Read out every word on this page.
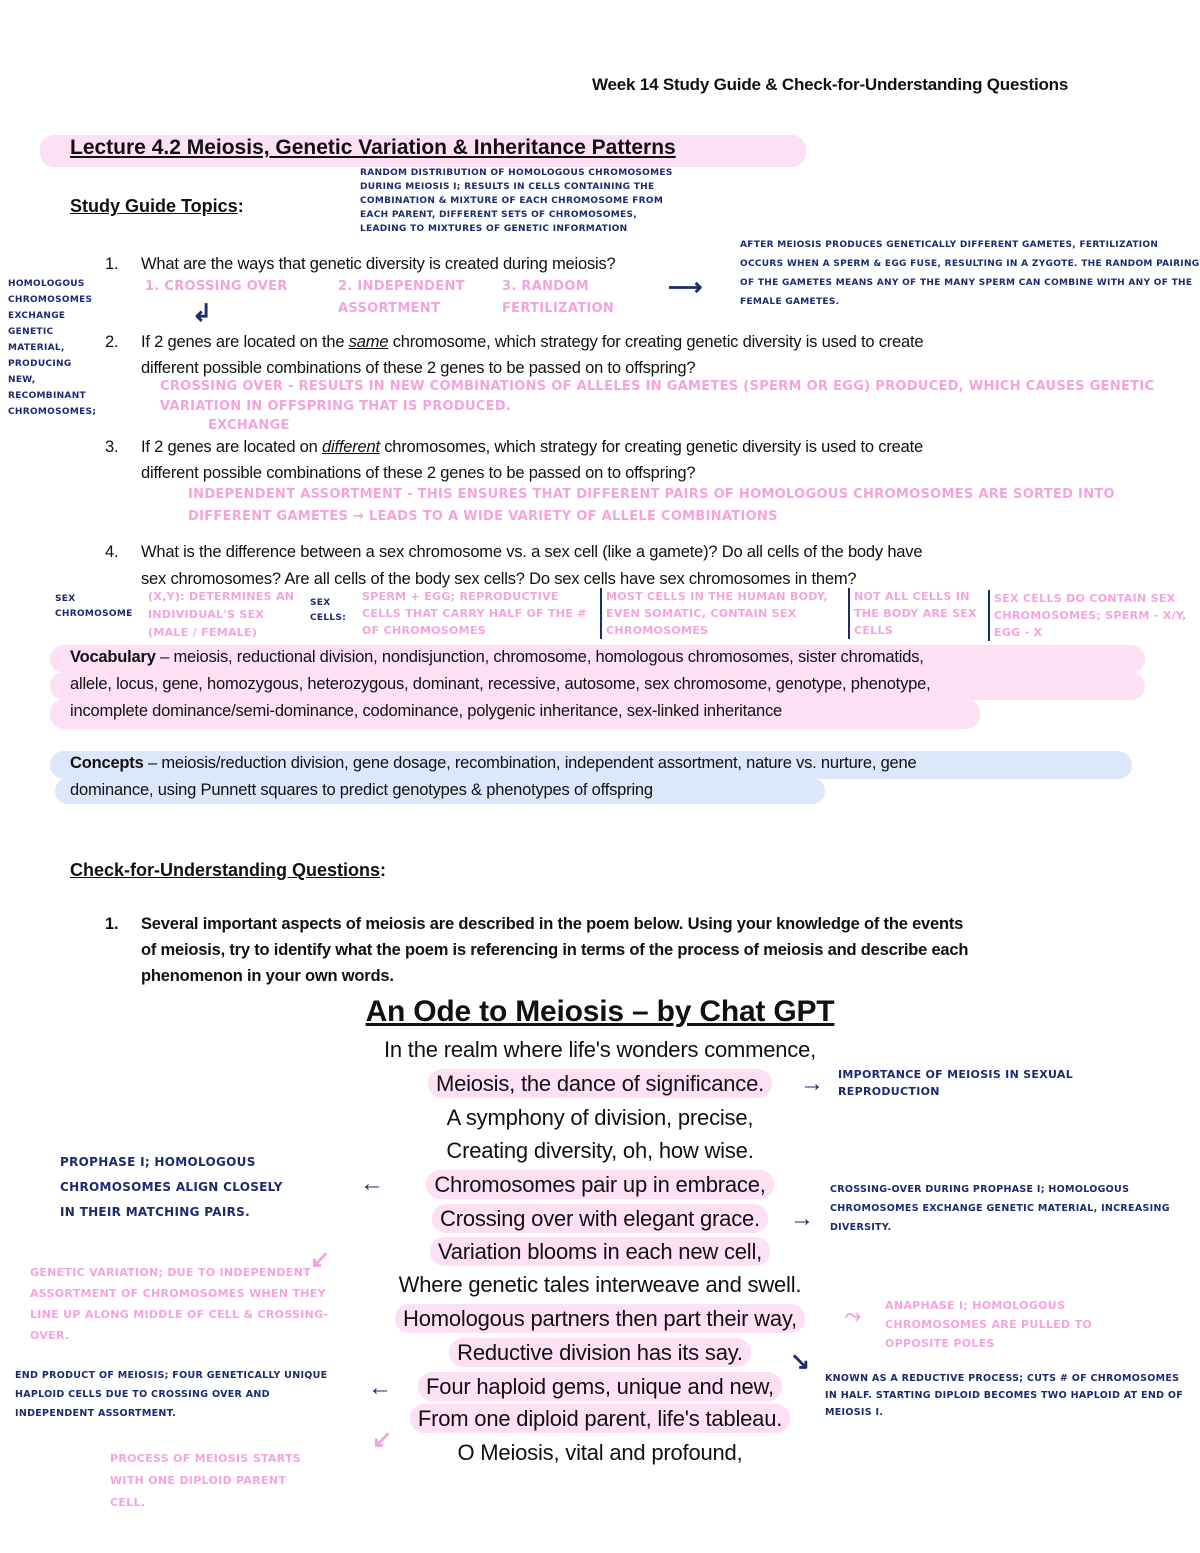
Week 14 Study Guide & Check-for-Understanding Questions
Lecture 4.2 Meiosis, Genetic Variation & Inheritance Patterns
Study Guide Topics:
1. What are the ways that genetic diversity is created during meiosis?
2. If 2 genes are located on the same chromosome, which strategy for creating genetic diversity is used to create
different possible combinations of these 2 genes to be passed on to offspring?
3. If 2 genes are located on different chromosomes, which strategy for creating genetic diversity is used to create
different possible combinations of these 2 genes to be passed on to offspring?
4. What is the difference between a sex chromosome vs. a sex cell (like a gamete)? Do all cells of the body have
sex chromosomes? Are all cells of the body sex cells? Do sex cells have sex chromosomes in them?
Vocabulary – meiosis, reductional division, nondisjunction, chromosome, homologous chromosomes, sister chromatids,
allele, locus, gene, homozygous, heterozygous, dominant, recessive, autosome, sex chromosome, genotype, phenotype,
incomplete dominance/semi-dominance, codominance, polygenic inheritance, sex-linked inheritance
Concepts – meiosis/reduction division, gene dosage, recombination, independent assortment, nature vs. nurture, gene
dominance, using Punnett squares to predict genotypes & phenotypes of offspring
Check-for-Understanding Questions:
1. Several important aspects of meiosis are described in the poem below. Using your knowledge of the events
of meiosis, try to identify what the poem is referencing in terms of the process of meiosis and describe each
phenomenon in your own words.
An Ode to Meiosis – by Chat GPT
In the realm where life's wonders commence,
Meiosis, the dance of significance.
A symphony of division, precise,
Creating diversity, oh, how wise.
Chromosomes pair up in embrace,
Crossing over with elegant grace.
Variation blooms in each new cell,
Where genetic tales interweave and swell.
Homologous partners then part their way,
Reductive division has its say.
Four haploid gems, unique and new,
From one diploid parent, life's tableau.
O Meiosis, vital and profound,
RANDOM DISTRIBUTION OF HOMOLOGOUS CHROMOSOMES DURING MEIOSIS I; RESULTS IN CELLS CONTAINING THE COMBINATION & MIXTURE OF EACH CHROMOSOME FROM EACH PARENT, DIFFERENT SETS OF CHROMOSOMES, LEADING TO MIXTURES OF GENETIC INFORMATION
AFTER MEIOSIS PRODUCES GENETICALLY DIFFERENT GAMETES, FERTILIZATION OCCURS WHEN A SPERM & EGG FUSE, RESULTING IN A ZYGOTE. THE RANDOM PAIRING OF THE GAMETES MEANS ANY OF THE MANY SPERM CAN COMBINE WITH ANY OF THE FEMALE GAMETES.
1. CROSSING OVER	2. INDEPENDENT ASSORTMENT
3. RANDOM FERTILIZATION
⟶
↲
HOMOLOGOUS CHROMOSOMES EXCHANGE GENETIC MATERIAL, PRODUCING NEW, RECOMBINANT CHROMOSOMES;
CROSSING OVER - RESULTS IN NEW COMBINATIONS OF ALLELES IN GAMETES (SPERM OR EGG) PRODUCED, WHICH CAUSES GENETIC VARIATION IN OFFSPRING THAT IS PRODUCED.
EXCHANGE
INDEPENDENT ASSORTMENT - THIS ENSURES THAT DIFFERENT PAIRS OF HOMOLOGOUS CHROMOSOMES ARE SORTED INTO DIFFERENT GAMETES → LEADS TO A WIDE VARIETY OF ALLELE COMBINATIONS
SEX CHROMOSOME
(X,Y): DETERMINES AN INDIVIDUAL'S SEX (MALE / FEMALE)
SEX CELLS:
SPERM + EGG; REPRODUCTIVE CELLS THAT CARRY HALF OF THE # OF CHROMOSOMES
MOST CELLS IN THE HUMAN BODY, EVEN SOMATIC, CONTAIN SEX CHROMOSOMES
NOT ALL CELLS IN THE BODY ARE SEX CELLS
SEX CELLS DO CONTAIN SEX CHROMOSOMES; SPERM - X/Y, EGG - X
→ IMPORTANCE OF MEIOSIS IN SEXUAL REPRODUCTION
PROPHASE I; HOMOLOGOUS CHROMOSOMES ALIGN CLOSELY IN THEIR MATCHING PAIRS.
←
→
CROSSING-OVER DURING PROPHASE I; HOMOLOGOUS CHROMOSOMES EXCHANGE GENETIC MATERIAL, INCREASING DIVERSITY.
↙
GENETIC VARIATION; DUE TO INDEPENDENT ASSORTMENT OF CHROMOSOMES WHEN THEY LINE UP ALONG MIDDLE OF CELL & CROSSING-OVER.
⤳ ANAPHASE I; HOMOLOGOUS CHROMOSOMES ARE PULLED TO OPPOSITE POLES
↘
KNOWN AS A REDUCTIVE PROCESS; CUTS # OF CHROMOSOMES IN HALF. STARTING DIPLOID BECOMES TWO HAPLOID AT END OF MEIOSIS I.
END PRODUCT OF MEIOSIS; FOUR GENETICALLY UNIQUE HAPLOID CELLS DUE TO CROSSING OVER AND INDEPENDENT ASSORTMENT.
←
↙
PROCESS OF MEIOSIS STARTS WITH ONE DIPLOID PARENT CELL.
